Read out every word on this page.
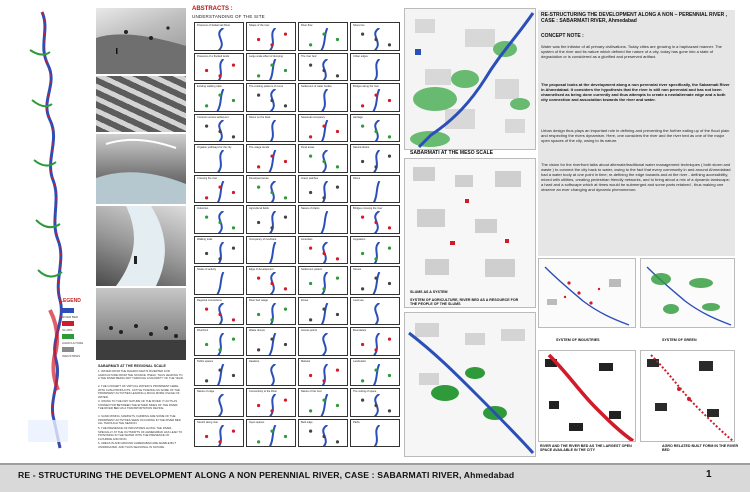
LEGEND
RIVER BED
SLUMS
AGRICULTURE
INDUSTRIES
SABARMATI AT THE REGIONAL SCALE
1. WATER FROM THE DHAROI DAM IS DIVERTED FOR AGRICULTURE FROM THE SOURCE ITSELF, THUS LEADING TO A THE RIVER BEING DRY THROUGH A MAJORITY OF THE YEAR.
2. THE CONCEPT OF VIRTUAL WATER IS PROMINENT HERE, WITH CASH PRODUCTS, CATTLE TRADING AS SOME OF THE PROMINENT ACTIVITIES LEADING A MUCH MORE USAGE OF WATER.
3. OWING TO THE DRY NATURE OF THE RIVER, IT ACTS AS CONNECTOR BETWEEN THE EITHER SIDES OF THE RIVER; THE RIVER BED AS A TRANSPORTATION DEVICE.
4. SAND MINING, MARKETS, FARMING ARE SOME OF THE PROMINENT ACTIVITIES SEEN OCCURING IN THE RIVER BED ALL THROUGH THE SEASON.
5. THE PRESENCE OF INDUSTRIES ALONG THE RIVER, SPECIALLY AT THE OUTSKIRTS OF AHMEDABAD HAS LEAD TO POISONING IN THE WATER WITH THE PRESENCE OF FLOURIDE AND IRON.
6. AREAS IN AND AROUND AHMEDABAD ARE ARABLE BUT UNIRRIGATED, AND THUS SEASONAL IN NATURE.
ABSTRACTS :
UNDERSTANDING OF THE SITE
Presence of Sabarmati River	Shape of the river	River flow	Shore line
Presence of a flooded lands	Large scale effect of dumping	The river bed	Urban edges
Existing walking trails	The existing patterns of rivers	Settlement of water bodies	Bridges along the river
Contours across settlement	Slums on the bank	Seasonal occupancy	Heritage
Irrigation pathways for the city	The usage trends	Pond areas	Natural drains
Crossing the river	Developed areas	Green patches	Slums
Industries	Agricultural fields	Nature of drains	Bridges crossing the river
Walking trails	Occupancy of riverbank	Amenities	Vegetation
Nodes of activity	Edge of development	Settlement pattern	Streets
Regional connections	River bed usage	Zones	Land use
Riverfront	Waste dumps	Access points	Boundaries
Public spaces	Hawkers	Markets	Landmarks
Nature of edge	Connectivity to the River	Nature of the river	The cutting of space
Stretch along river	Open spaces	Built edge	Paths
SABARMATI AT THE MESO SCALE
SLUMS AS A SYSTEM
SYSTEM OF AGRICULTURE, RIVER BED AS A RESOURCE FOR THE PEOPLE OF THE SLUMS
SYSTEM OF INDUSTRIES	SYSTEM OF GREEN
RIVER AND THE RIVER BED AS THE LARGEST OPEN SPACE AVAILABLE IN THE CITY
AGRO RELATED BUILT FORM IN THE RIVER BED
RE-STRUCTURING THE DEVELOPMENT ALONG A NON – PERENNIAL RIVER , CASE : SABARMATI RIVER, Ahmedabad
CONCEPT NOTE :
Water was the initiator of all primary civilisations. Today cities are growing in a haphazard manner. The system of the river and its nature which defined the nature of a city, today has gone into a state of degradation or is considered as a glorified and preserved artifact.
The proposal looks at the development along a non perennial river specifically, the Sabarmati River in Ahmedabad. It considers the hypothesis that the river is still non perennial and has not been channelised as being done currently and thus attempts to create a new/alternate edge and a both city connection and association towards the river and water.
Urban design thus plays an important role in defining and preventing the further eating up of the flood plain and respecting the rivers dynamism. Here, one considers the river and the river bed as one of the major open spaces of the city, owing to its nature.
The vision for the riverfront talks about alternate/traditional water management techniques ( both storm and waste ) to connect the city back to water, owing to the fact that every community in and around Ahmedabad had a water body at one point in time; re-defining the edge towards and at the river - defining accessibility, mixed with utilities, creating pedestrian friendly networks, and to bring about a mix of a dynamic landscape; a hard and a softscape which at times would be submerged and some parts retained , thus making one observe an ever changing and dynamic phenomenon.
RE - STRUCTURING THE DEVELOPMENT ALONG A NON PERENNIAL RIVER, CASE : SABARMATI RIVER, Ahmedabad	1
